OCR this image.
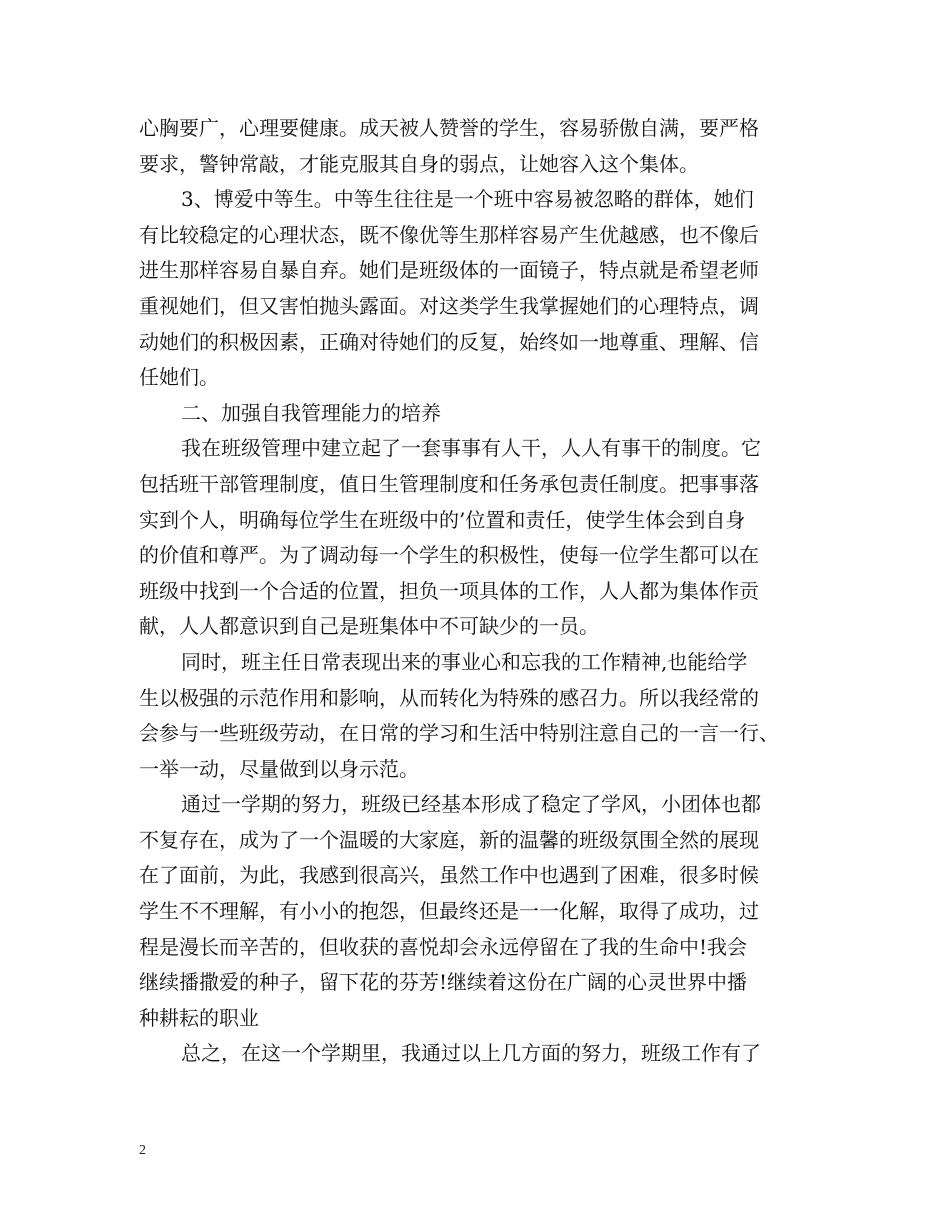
心胸要广，心理要健康。成天被人赞誉的学生，容易骄傲自满，要严格
要求，警钟常敲，才能克服其自身的弱点，让她容入这个集体。
3、博爱中等生。中等生往往是一个班中容易被忽略的群体，她们
有比较稳定的心理状态，既不像优等生那样容易产生优越感，也不像后
进生那样容易自暴自弃。她们是班级体的一面镜子，特点就是希望老师
重视她们，但又害怕抛头露面。对这类学生我掌握她们的心理特点，调
动她们的积极因素，正确对待她们的反复，始终如一地尊重、理解、信
任她们。
二、加强自我管理能力的培养
我在班级管理中建立起了一套事事有人干，人人有事干的制度。它
包括班干部管理制度，值日生管理制度和任务承包责任制度。把事事落
实到个人，明确每位学生在班级中的’位置和责任，使学生体会到自身
的价值和尊严。为了调动每一个学生的积极性，使每一位学生都可以在
班级中找到一个合适的位置，担负一项具体的工作，人人都为集体作贡
献，人人都意识到自己是班集体中不可缺少的一员。
同时，班主任日常表现出来的事业心和忘我的工作精神,也能给学
生以极强的示范作用和影响，从而转化为特殊的感召力。所以我经常的
会参与一些班级劳动，在日常的学习和生活中特别注意自己的一言一行、
一举一动，尽量做到以身示范。
通过一学期的努力，班级已经基本形成了稳定了学风，小团体也都
不复存在，成为了一个温暖的大家庭，新的温馨的班级氛围全然的展现
在了面前，为此，我感到很高兴，虽然工作中也遇到了困难，很多时候
学生不不理解，有小小的抱怨，但最终还是一一化解，取得了成功，过
程是漫长而辛苦的，但收获的喜悦却会永远停留在了我的生命中!我会
继续播撒爱的种子，留下花的芬芳!继续着这份在广阔的心灵世界中播
种耕耘的职业
总之，在这一个学期里，我通过以上几方面的努力，班级工作有了
2
